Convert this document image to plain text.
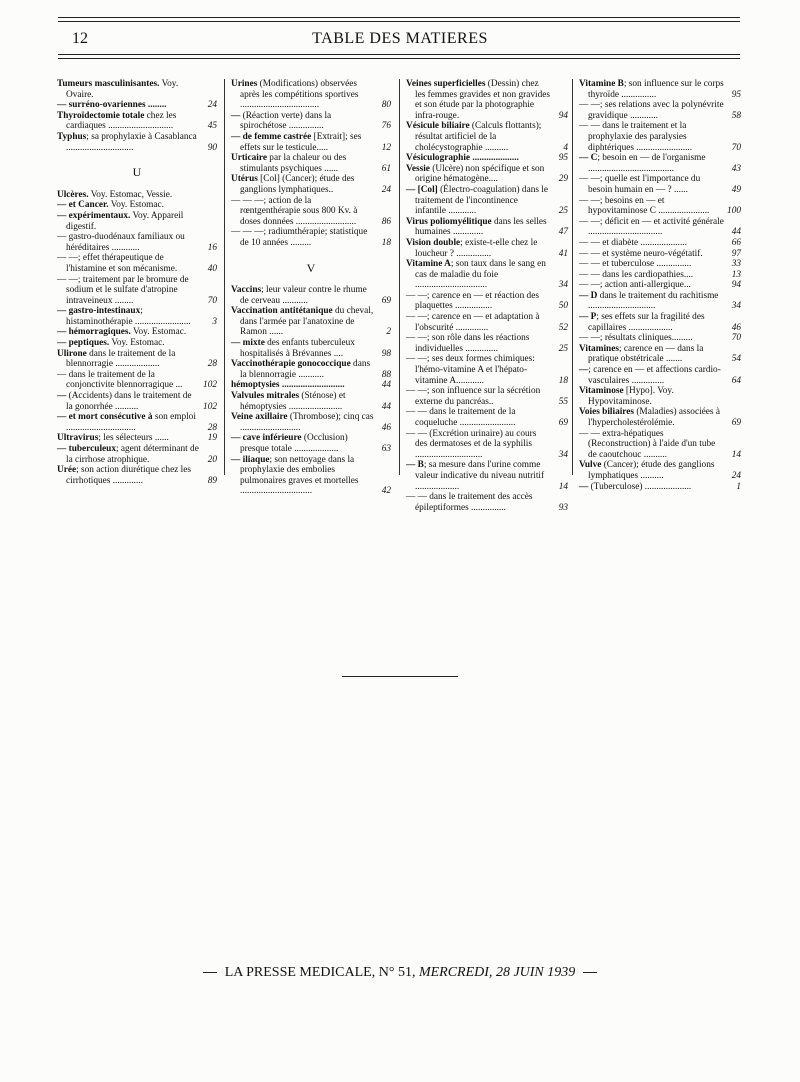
12	TABLE DES MATIERES
Tumeurs masculinisantes. Voy. Ovaire.
— surréno-ovariennes ........	24
Thyroïdectomie totale chez les cardiaques ............................	45
Typhus; sa prophylaxie à Casablanca .............................	90
U
Ulcères. Voy. Estomac, Vessie.
— et Cancer. Voy. Estomac.
— expérimentaux. Voy. Appareil digestif.
— gastro-duodénaux familiaux ou héréditaires ............	16
— —; effet thérapeutique de l'histamine et son mécanisme.	40
— —; traitement par le bromure de sodium et le sulfate d'atropine intraveineux ........	70
— gastro-intestinaux; histaminothérapie ........................	3
— hémorragiques. Voy. Estomac.
— peptiques. Voy. Estomac.
Ulirone dans le traitement de la blennorragie ...................	28
— dans le traitement de la conjonctivite blennorragique ...	102
— (Accidents) dans le traitement de la gonorrhée ..........	102
— et mort consécutive à son emploi ..............................	28
Ultravirus; les sélecteurs ......	19
— tuberculeux; agent déterminant de la cirrhose atrophique.	20
Urée; son action diurétique chez les cirrhotiques .............	89
Urines (Modifications) observées après les compétitions sportives ..................................	80
— (Réaction verte) dans la spirochétose ...............	76
— de femme castrée [Extrait]; ses effets sur le testicule.....	12
Urticaire par la chaleur ou des stimulants psychiques ......	61
Utérus [Col] (Cancer); étude des ganglions lymphatiques..	24
— — —; action de la rœntgenthérapie sous 800 Kv. à doses données ..........................	86
— — —; radiumthérapie; statistique de 10 années .........	18
V
Vaccins; leur valeur contre le rhume de cerveau ...........	69
Vaccination antitétanique du cheval, dans l'armée par l'anatoxine de Ramon ......	2
— mixte des enfants tuberculeux hospitalisés à Brévannes ....	98
Vaccinothérapie gonococcique dans la blennorragie ...........	88
hémoptysies ...........................	44
Valvules mitrales (Sténose) et hémoptysies .......................	44
Veine axillaire (Thrombose); cinq cas ..........................	46
— cave inférieure (Occlusion) presque totale ...................	63
— iliaque; son nettoyage dans la prophylaxie des embolies pulmonaires graves et mortelles ...............................	42
Veines superficielles (Dessin) chez les femmes gravides et non gravides et son étude par la photographie infra-rouge.	94
Vésicule biliaire (Calculs flottants); résultat artificiel de la cholécystographie ..........	4
Vésiculographie ....................	95
Vessie (Ulcère) non spécifique et son origine hématogène....	29
— [Col] (Électro-coagulation) dans le traitement de l'incontinence infantile ............	25
Virus poliomyélitique dans les selles humaines .............	47
Vision double; existe-t-elle chez le loucheur ? ...............	41
Vitamine A; son taux dans le sang en cas de maladie du foie ...............................	34
— —; carence en — et réaction des plaquettes ................	50
— —; carence en — et adaptation à l'obscurité ..............	52
— —; son rôle dans les réactions individuelles ..............	25
— —; ses deux formes chimiques: l'hémo-vitamine A et l'hépato-vitamine A............	18
— —; son influence sur la sécrétion externe du pancréas..	55
— — dans le traitement de la coqueluche ........................	69
— — (Excrétion urinaire) au cours des dermatoses et de la syphilis .............................	34
— B; sa mesure dans l'urine comme valeur indicative du niveau nutritif ...................	14
— — dans le traitement des accès épileptiformes ...............	93
Vitamine B; son influence sur le corps thyroïde ...............	95
— —; ses relations avec la polynévrite gravidique ............	58
— — dans le traitement et la prophylaxie des paralysies diphtériques ........................	70
— C; besoin en — de l'organisme .....................................	43
— —; quelle est l'importance du besoin humain en — ? ......	49
— —; besoins en — et hypovitaminose C ......................	100
— —; déficit en — et activité générale ................................	44
— — et diabète ....................	66
— — et système neuro-végétatif.	97
— — et tuberculose ...............	33
— — dans les cardiopathies....	13
— —; action anti-allergique...	94
— D dans le traitement du rachitisme .............................	34
— P; ses effets sur la fragilité des capillaires ...................	46
— —; résultats cliniques.........	70
Vitamines; carence en — dans la pratique obstétricale .......	54
—; carence en — et affections cardio-vasculaires ..............	64
Vitaminose [Hypo]. Voy. Hypovitaminose.
Voies biliaires (Maladies) associées à l'hypercholestérolémie.	69
— — extra-hépatiques (Reconstruction) à l'aide d'un tube de caoutchouc ..........	14
Vulve (Cancer); étude des ganglions lymphatiques ..........	24
— (Tuberculose) ....................	1
LA PRESSE MEDICALE, N° 51, MERCREDI, 28 JUIN 1939
